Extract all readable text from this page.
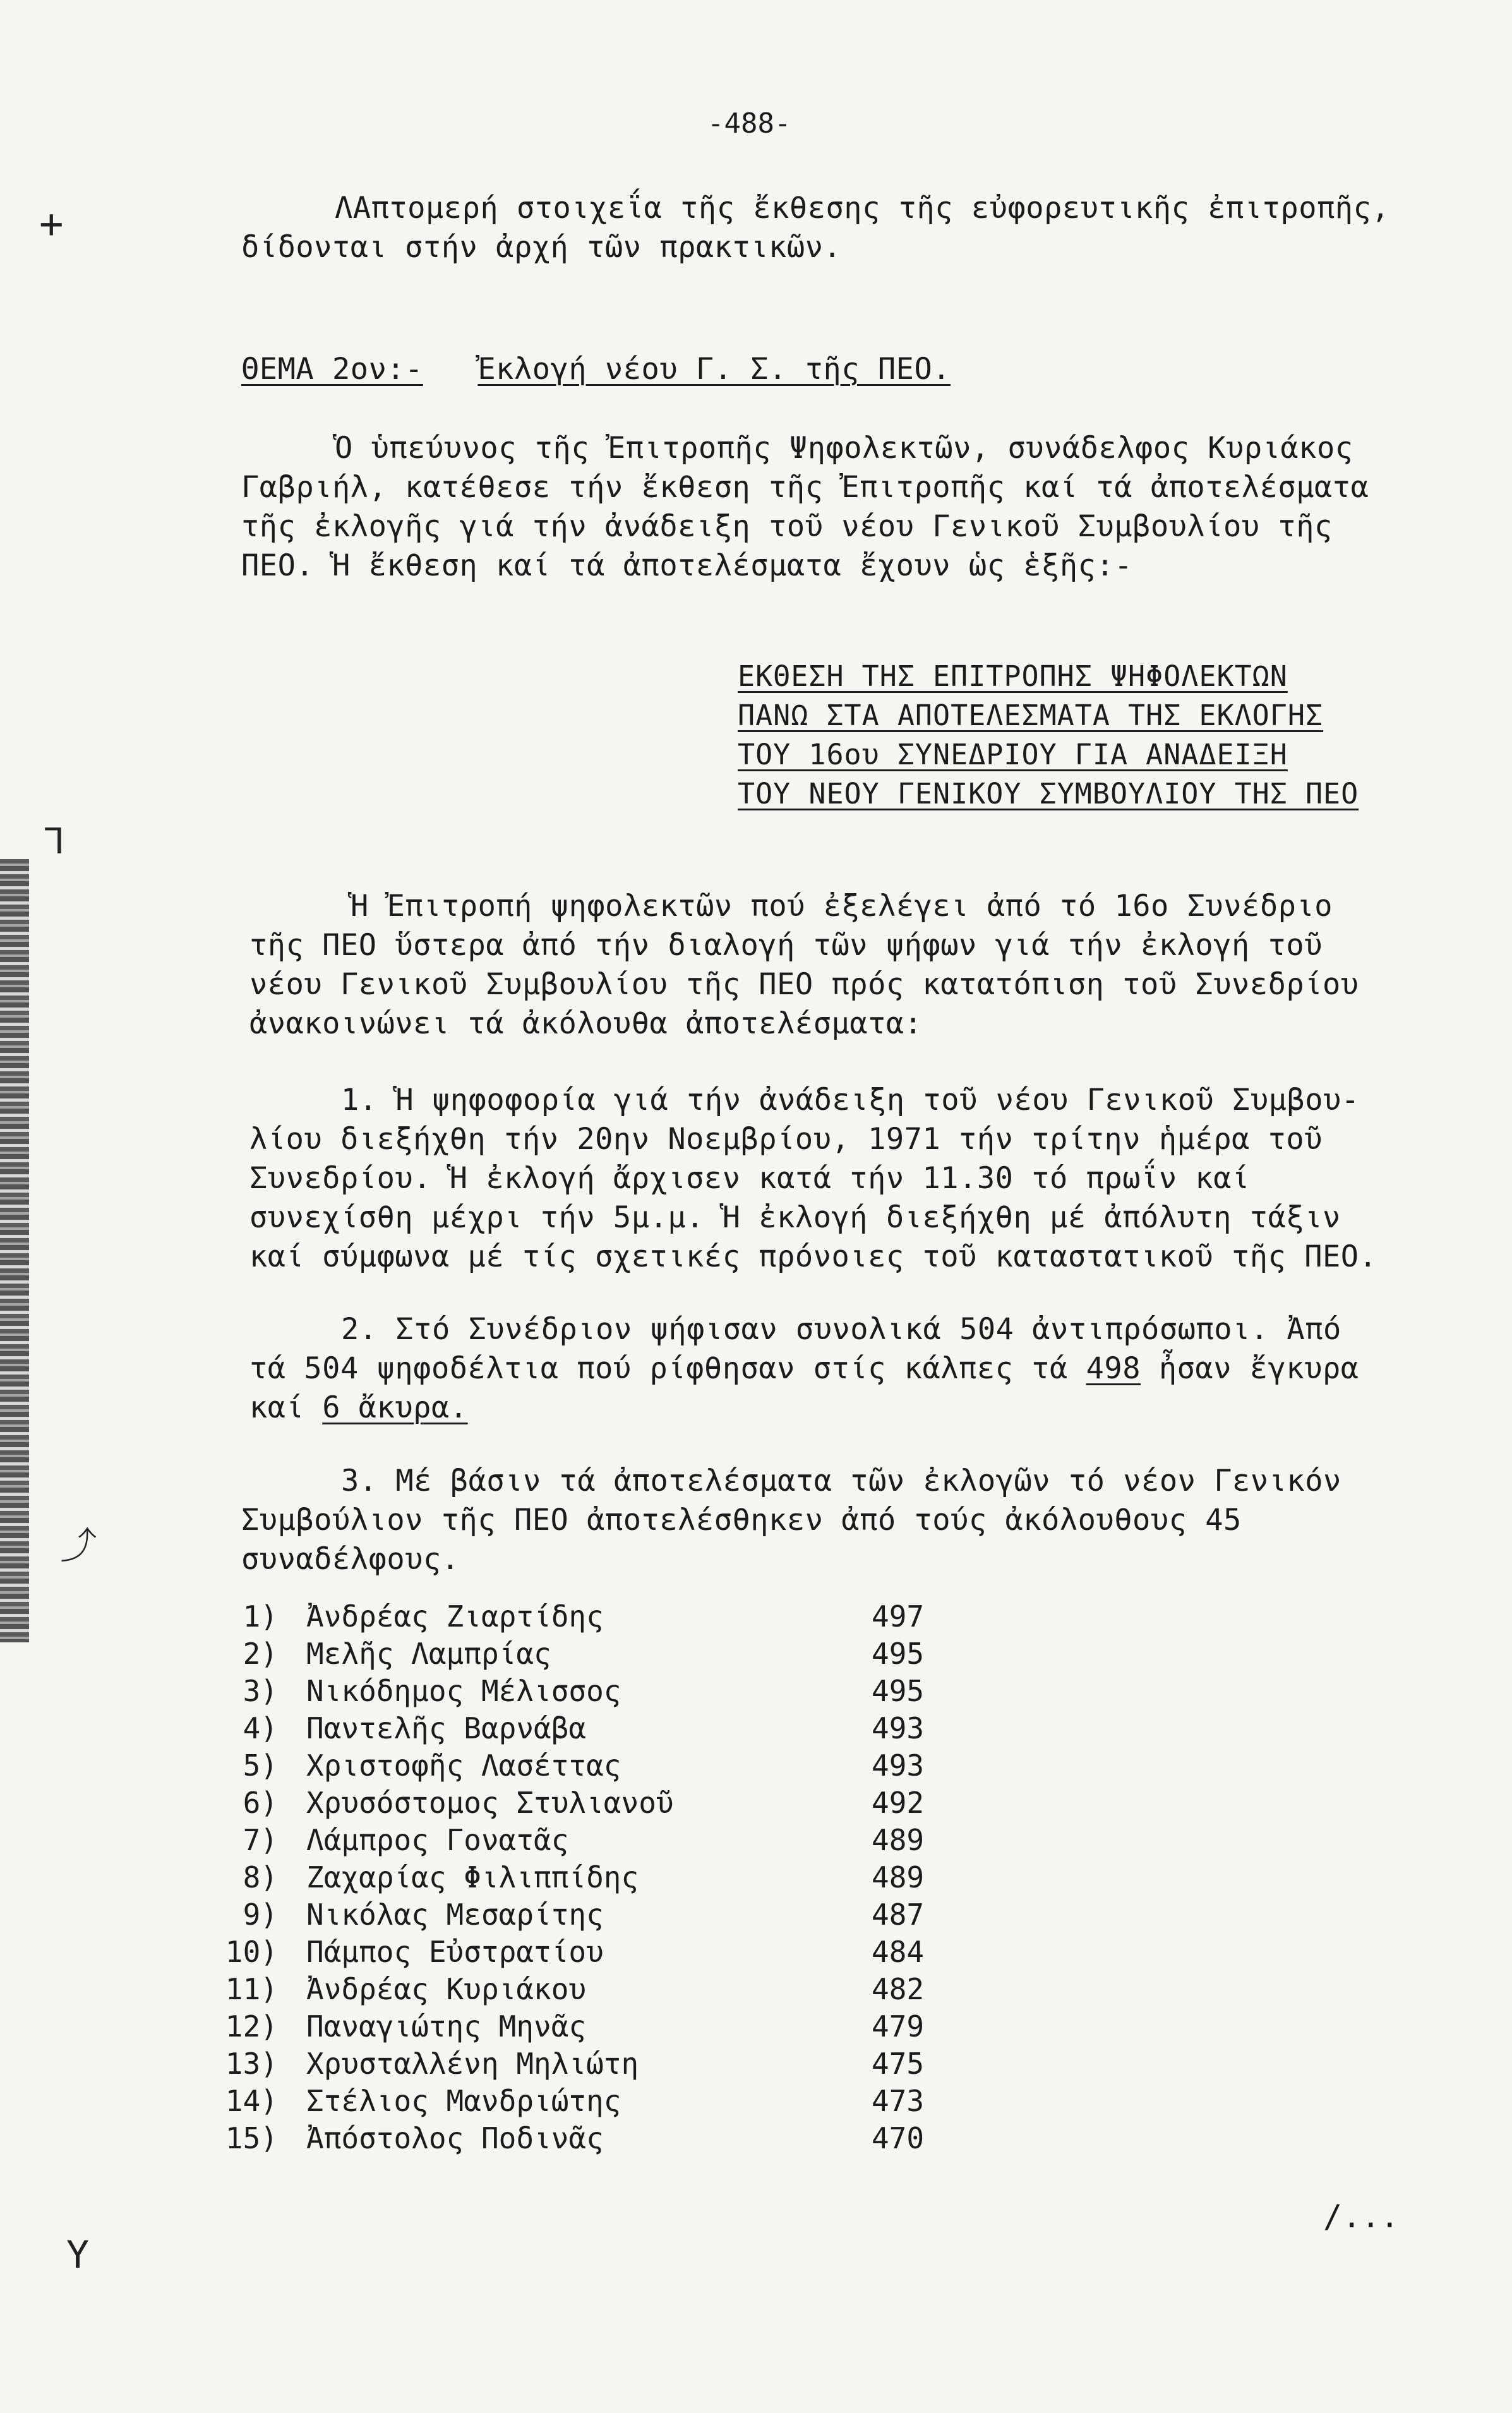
+
ᒣ
⤴
Y
-488-
ΛΑπτομερή στοιχεΐα τῆς ἔκθεσης τῆς εὐφορευτικῆς ἐπιτροπῆς,
δίδονται στήν ἀρχή τῶν πρακτικῶν.
ΘΕΜΑ 2ον:- Ἐκλογή νέου Γ. Σ. τῆς ΠΕΟ.
Ὁ ὑπεύυνος τῆς Ἐπιτροπῆς Ψηφολεκτῶν, συνάδελφος Κυριάκος
Γαβριήλ, κατέθεσε τήν ἔκθεση τῆς Ἐπιτροπῆς καί τά ἀποτελέσματα
τῆς ἐκλογῆς γιά τήν ἀνάδειξη τοῦ νέου Γενικοῦ Συμβουλίου τῆς
ΠΕΟ. Ἡ ἔκθεση καί τά ἀποτελέσματα ἔχουν ὡς ἑξῆς:-
ΕΚΘΕΣΗ ΤΗΣ ΕΠΙΤΡΟΠΗΣ ΨΗΦΟΛΕΚΤΩΝ
ΠΑΝΩ ΣΤΑ ΑΠΟΤΕΛΕΣΜΑΤΑ ΤΗΣ ΕΚΛΟΓΗΣ
ΤΟΥ 16ου ΣΥΝΕΔΡΙΟΥ ΓΙΑ ΑΝΑΔΕΙΞΗ
ΤΟΥ ΝΕΟΥ ΓΕΝΙΚΟΥ ΣΥΜΒΟΥΛΙΟΥ ΤΗΣ ΠΕΟ
Ἡ Ἐπιτροπή ψηφολεκτῶν πού ἐξελέγει ἀπό τό 16ο Συνέδριο
τῆς ΠΕΟ ὕστερα ἀπό τήν διαλογή τῶν ψήφων γιά τήν ἐκλογή τοῦ
νέου Γενικοῦ Συμβουλίου τῆς ΠΕΟ πρός κατατόπιση τοῦ Συνεδρίου
ἀνακοινώνει τά ἀκόλουθα ἀποτελέσματα:
1. Ἡ ψηφοφορία γιά τήν ἀνάδειξη τοῦ νέου Γενικοῦ Συμβου-
λίου διεξήχθη τήν 20ην Νοεμβρίου, 1971 τήν τρίτην ἡμέρα τοῦ
Συνεδρίου. Ἡ ἐκλογή ἄρχισεν κατά τήν 11.30 τό πρωΐν καί
συνεχίσθη μέχρι τήν 5μ.μ. Ἡ ἐκλογή διεξήχθη μέ ἀπόλυτη τάξιν
καί σύμφωνα μέ τίς σχετικές πρόνοιες τοῦ καταστατικοῦ τῆς ΠΕΟ.
2. Στό Συνέδριον ψήφισαν συνολικά 504 ἀντιπρόσωποι. Ἀπό
τά 504 ψηφοδέλτια πού ρίφθησαν στίς κάλπες τά 498 ἦσαν ἔγκυρα
καί 6 ἄκυρα.
3. Μέ βάσιν τά ἀποτελέσματα τῶν ἐκλογῶν τό νέον Γενικόν
Συμβούλιον τῆς ΠΕΟ ἀποτελέσθηκεν ἀπό τούς ἀκόλουθους 45
συναδέλφους.
1) Ἀνδρέας Ζιαρτίδης	497
2) Μελῆς Λαμπρίας	495
3) Νικόδημος Μέλισσος	495
4) Παντελῆς Βαρνάβα	493
5) Χριστοφῆς Λασέττας	493
6) Χρυσόστομος Στυλιανοῦ	492
7) Λάμπρος Γονατᾶς	489
8) Ζαχαρίας Φιλιππίδης	489
9) Νικόλας Μεσαρίτης	487
10) Πάμπος Εὐστρατίου	484
11) Ἀνδρέας Κυριάκου	482
12) Παναγιώτης Μηνᾶς	479
13) Χρυσταλλένη Μηλιώτη	475
14) Στέλιος Μανδριώτης	473
15) Ἀπόστολος Ποδινᾶς	470
/...
